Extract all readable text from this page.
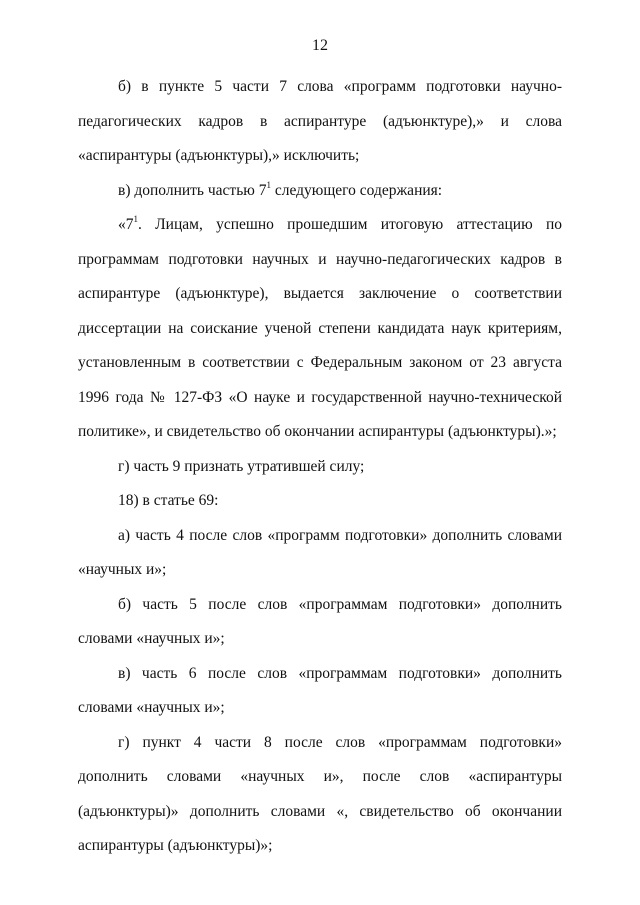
12

б) в пункте 5 части 7 слова «программ подготовки научно-педагогических кадров в аспирантуре (адъюнктуре),» и слова «аспирантуры (адъюнктуры),» исключить;

в) дополнить частью $7^1$ следующего содержания:

«$7^1$. Лицам, успешно прошедшим итоговую аттестацию по программам подготовки научных и научно-педагогических кадров в аспирантуре (адъюнктуре), выдается заключение о соответствии диссертации на соискание ученой степени кандидата наук критериям, установленным в соответствии с Федеральным законом от 23 августа 1996 года № 127-ФЗ «О науке и государственной научно-технической политике», и свидетельство об окончании аспирантуры (адъюнктуры).»;

г) часть 9 признать утратившей силу;

18) в статье 69:

а) часть 4 после слов «программ подготовки» дополнить словами «научных и»;

б) часть 5 после слов «программам подготовки» дополнить словами «научных и»;

в) часть 6 после слов «программам подготовки» дополнить словами «научных и»;

г) пункт 4 части 8 после слов «программам подготовки» дополнить словами «научных и», после слов «аспирантуры (адъюнктуры)» дополнить словами «, свидетельство об окончании аспирантуры (адъюнктуры)»;
